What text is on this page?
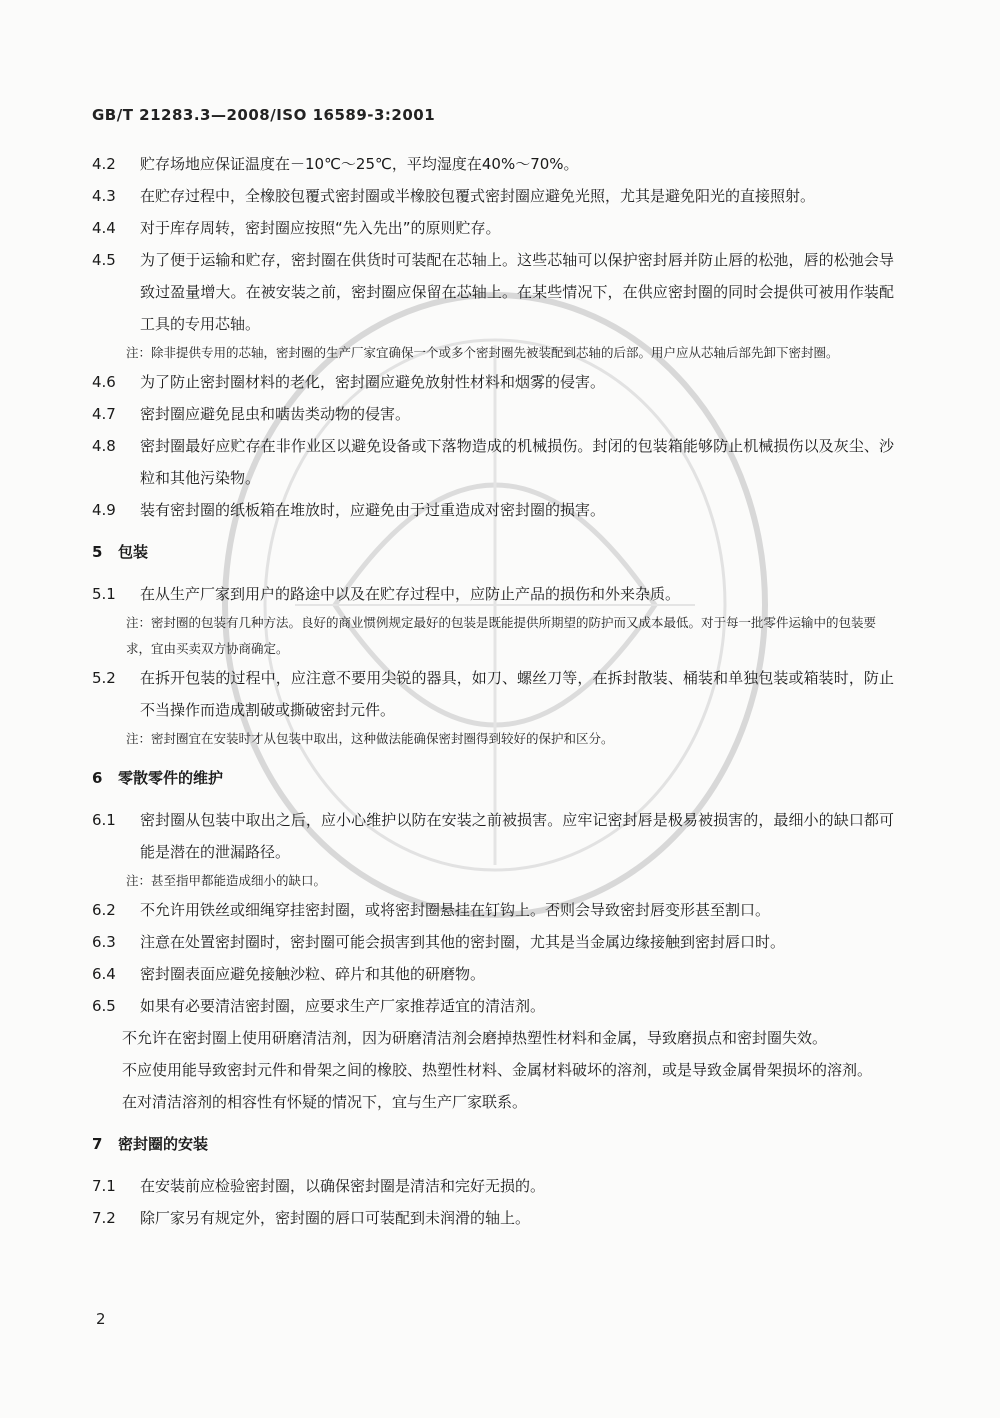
GB/T 21283.3—2008/ISO 16589-3:2001
4.2	贮存场地应保证温度在－10℃～25℃，平均湿度在40%～70%。
4.3	在贮存过程中，全橡胶包覆式密封圈或半橡胶包覆式密封圈应避免光照，尤其是避免阳光的直接照射。
4.4	对于库存周转，密封圈应按照“先入先出”的原则贮存。
4.5	为了便于运输和贮存，密封圈在供货时可装配在芯轴上。这些芯轴可以保护密封唇并防止唇的松弛，唇的松弛会导致过盈量增大。在被安装之前，密封圈应保留在芯轴上。在某些情况下，在供应密封圈的同时会提供可被用作装配工具的专用芯轴。
注：除非提供专用的芯轴，密封圈的生产厂家宜确保一个或多个密封圈先被装配到芯轴的后部。用户应从芯轴后部先卸下密封圈。
4.6	为了防止密封圈材料的老化，密封圈应避免放射性材料和烟雾的侵害。
4.7	密封圈应避免昆虫和啮齿类动物的侵害。
4.8	密封圈最好应贮存在非作业区以避免设备或下落物造成的机械损伤。封闭的包装箱能够防止机械损伤以及灰尘、沙粒和其他污染物。
4.9	装有密封圈的纸板箱在堆放时，应避免由于过重造成对密封圈的损害。
5	包装
5.1	在从生产厂家到用户的路途中以及在贮存过程中，应防止产品的损伤和外来杂质。
注：密封圈的包装有几种方法。良好的商业惯例规定最好的包装是既能提供所期望的防护而又成本最低。对于每一批零件运输中的包装要求，宜由买卖双方协商确定。
5.2	在拆开包装的过程中，应注意不要用尖锐的器具，如刀、螺丝刀等，在拆封散装、桶装和单独包装或箱装时，防止不当操作而造成割破或撕破密封元件。
注：密封圈宜在安装时才从包装中取出，这种做法能确保密封圈得到较好的保护和区分。
6	零散零件的维护
6.1	密封圈从包装中取出之后，应小心维护以防在安装之前被损害。应牢记密封唇是极易被损害的，最细小的缺口都可能是潜在的泄漏路径。
注：甚至指甲都能造成细小的缺口。
6.2	不允许用铁丝或细绳穿挂密封圈，或将密封圈悬挂在钉钩上。否则会导致密封唇变形甚至割口。
6.3	注意在处置密封圈时，密封圈可能会损害到其他的密封圈，尤其是当金属边缘接触到密封唇口时。
6.4	密封圈表面应避免接触沙粒、碎片和其他的研磨物。
6.5	如果有必要清洁密封圈，应要求生产厂家推荐适宜的清洁剂。
不允许在密封圈上使用研磨清洁剂，因为研磨清洁剂会磨掉热塑性材料和金属，导致磨损点和密封圈失效。
不应使用能导致密封元件和骨架之间的橡胶、热塑性材料、金属材料破坏的溶剂，或是导致金属骨架损坏的溶剂。
在对清洁溶剂的相容性有怀疑的情况下，宜与生产厂家联系。
7	密封圈的安装
7.1	在安装前应检验密封圈，以确保密封圈是清洁和完好无损的。
7.2	除厂家另有规定外，密封圈的唇口可装配到未润滑的轴上。
2
